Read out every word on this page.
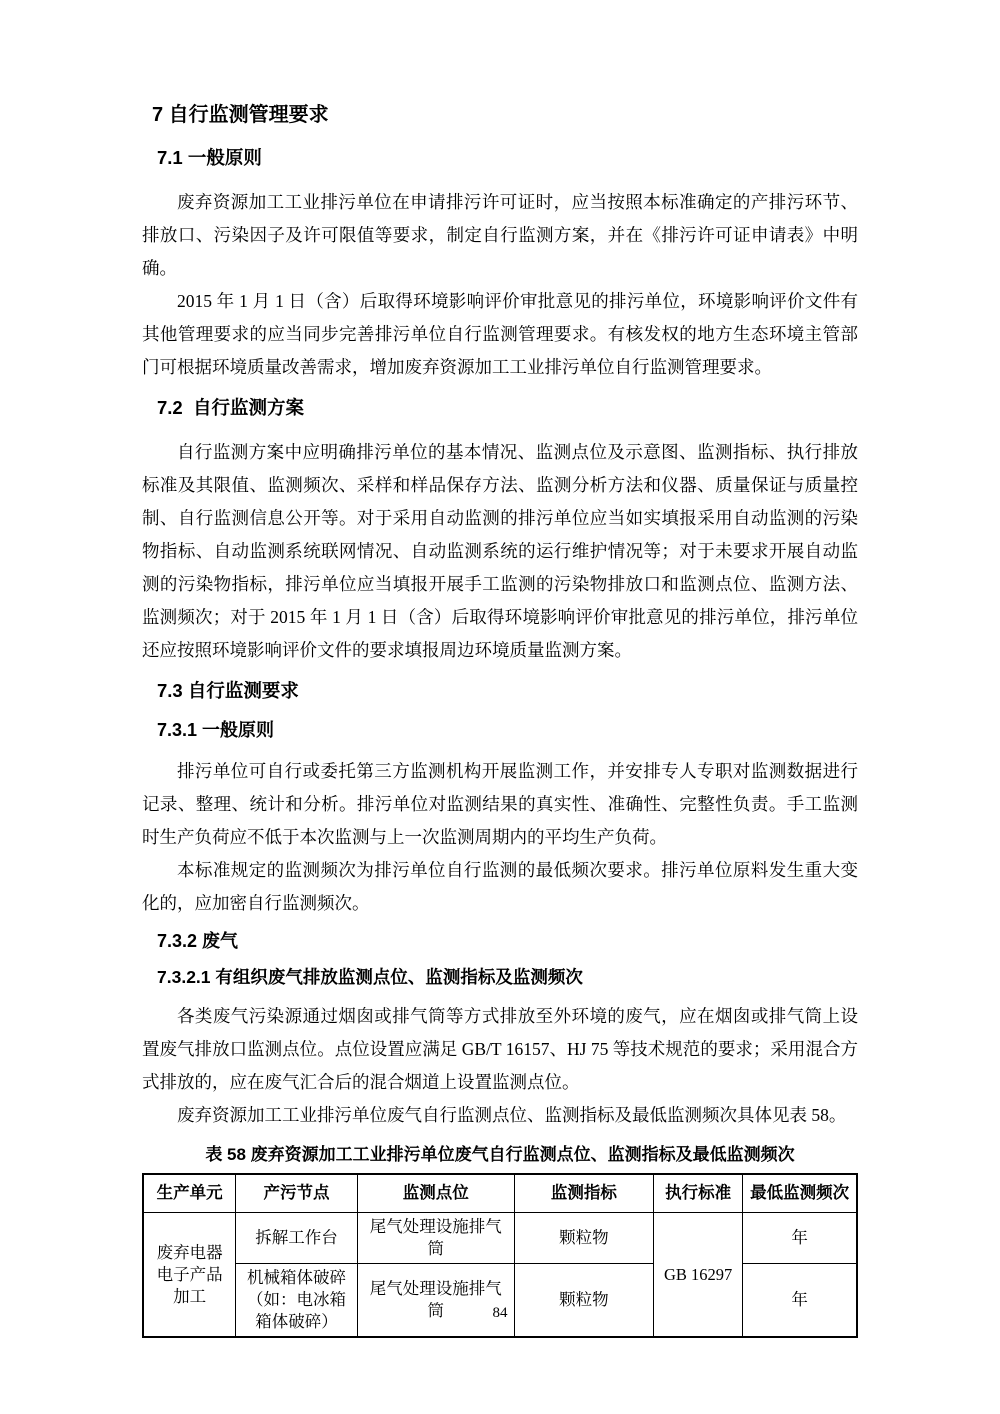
7 自行监测管理要求
7.1 一般原则

废弃资源加工工业排污单位在申请排污许可证时，应当按照本标准确定的产排污环节、排放口、污染因子及许可限值等要求，制定自行监测方案，并在《排污许可证申请表》中明确。

2015 年 1 月 1 日（含）后取得环境影响评价审批意见的排污单位，环境影响评价文件有其他管理要求的应当同步完善排污单位自行监测管理要求。有核发权的地方生态环境主管部门可根据环境质量改善需求，增加废弃资源加工工业排污单位自行监测管理要求。

7.2  自行监测方案

自行监测方案中应明确排污单位的基本情况、监测点位及示意图、监测指标、执行排放标准及其限值、监测频次、采样和样品保存方法、监测分析方法和仪器、质量保证与质量控制、自行监测信息公开等。对于采用自动监测的排污单位应当如实填报采用自动监测的污染物指标、自动监测系统联网情况、自动监测系统的运行维护情况等；对于未要求开展自动监测的污染物指标，排污单位应当填报开展手工监测的污染物排放口和监测点位、监测方法、监测频次；对于 2015 年 1 月 1 日（含）后取得环境影响评价审批意见的排污单位，排污单位还应按照环境影响评价文件的要求填报周边环境质量监测方案。

7.3 自行监测要求
7.3.1 一般原则

排污单位可自行或委托第三方监测机构开展监测工作，并安排专人专职对监测数据进行记录、整理、统计和分析。排污单位对监测结果的真实性、准确性、完整性负责。手工监测时生产负荷应不低于本次监测与上一次监测周期内的平均生产负荷。

本标准规定的监测频次为排污单位自行监测的最低频次要求。排污单位原料发生重大变化的，应加密自行监测频次。

7.3.2 废气
7.3.2.1 有组织废气排放监测点位、监测指标及监测频次

各类废气污染源通过烟囱或排气筒等方式排放至外环境的废气，应在烟囱或排气筒上设置废气排放口监测点位。点位设置应满足 GB/T 16157、HJ 75 等技术规范的要求；采用混合方式排放的，应在废气汇合后的混合烟道上设置监测点位。

废弃资源加工工业排污单位废气自行监测点位、监测指标及最低监测频次具体见表 58。

表 58 废弃资源加工工业排污单位废气自行监测点位、监测指标及最低监测频次
生产单元	产污节点	监测点位	监测指标	执行标准	最低监测频次
废弃电器电子产品加工	拆解工作台	尾气处理设施排气筒	颗粒物	GB 16297	年
	机械箱体破碎（如：电冰箱箱体破碎）	尾气处理设施排气筒	颗粒物		年
84
